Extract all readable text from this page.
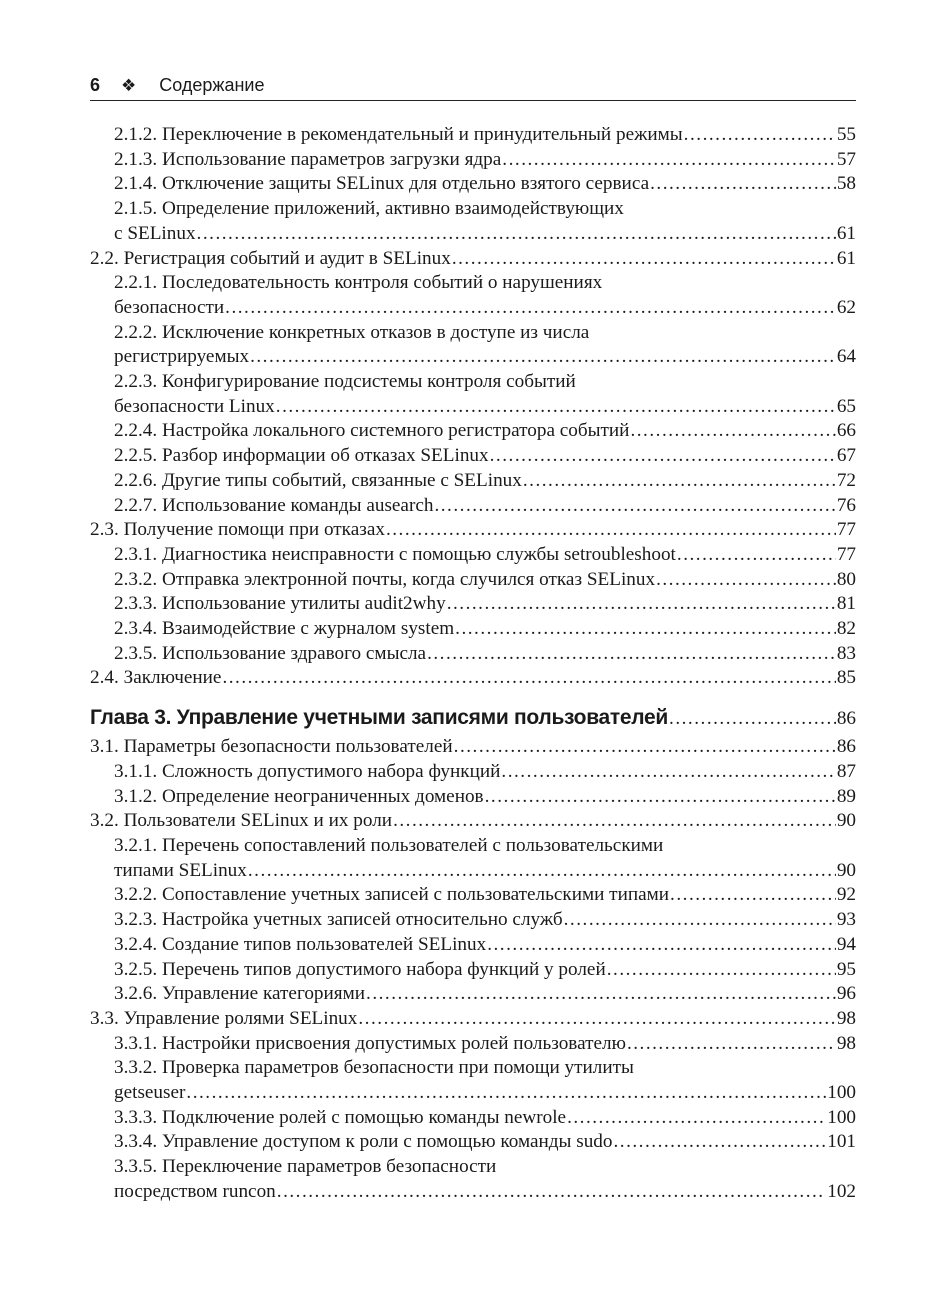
6 ❖ Содержание
2.1.2. Переключение в рекомендательный и принудительный режимы .....	55
2.1.3. Использование параметров загрузки ядра .....	57
2.1.4. Отключение защиты SELinux для отдельно взятого сервиса .....	58
2.1.5. Определение приложений, активно взаимодействующих
с SELinux .....	61
2.2. Регистрация событий и аудит в SELinux .....	61
2.2.1. Последовательность контроля событий о нарушениях
безопасности .....	62
2.2.2. Исключение конкретных отказов в доступе из числа
регистрируемых .....	64
2.2.3. Конфигурирование подсистемы контроля событий
безопасности Linux .....	65
2.2.4. Настройка локального системного регистратора событий .....	66
2.2.5. Разбор информации об отказах SELinux .....	67
2.2.6. Другие типы событий, связанные с SELinux .....	72
2.2.7. Использование команды ausearch .....	76
2.3. Получение помощи при отказах .....	77
2.3.1. Диагностика неисправности с помощью службы setroubleshoot .....	77
2.3.2. Отправка электронной почты, когда случился отказ SELinux .....	80
2.3.3. Использование утилиты audit2why .....	81
2.3.4. Взаимодействие с журналом system .....	82
2.3.5. Использование здравого смысла .....	83
2.4. Заключение .....	85
Глава 3. Управление учетными записями пользователей .....	86
3.1. Параметры безопасности пользователей .....	86
3.1.1. Сложность допустимого набора функций .....	87
3.1.2. Определение неограниченных доменов .....	89
3.2. Пользователи SELinux и их роли .....	90
3.2.1. Перечень сопоставлений пользователей с пользовательскими
типами SELinux .....	90
3.2.2. Сопоставление учетных записей с пользовательскими типами .....	92
3.2.3. Настройка учетных записей относительно служб .....	93
3.2.4. Создание типов пользователей SELinux .....	94
3.2.5. Перечень типов допустимого набора функций у ролей .....	95
3.2.6. Управление категориями .....	96
3.3. Управление ролями SELinux .....	98
3.3.1. Настройки присвоения допустимых ролей пользователю .....	98
3.3.2. Проверка параметров безопасности при помощи утилиты
getseuser .....	100
3.3.3. Подключение ролей с помощью команды newrole .....	100
3.3.4. Управление доступом к роли с помощью команды sudo .....	101
3.3.5. Переключение параметров безопасности
посредством runcon .....	102
